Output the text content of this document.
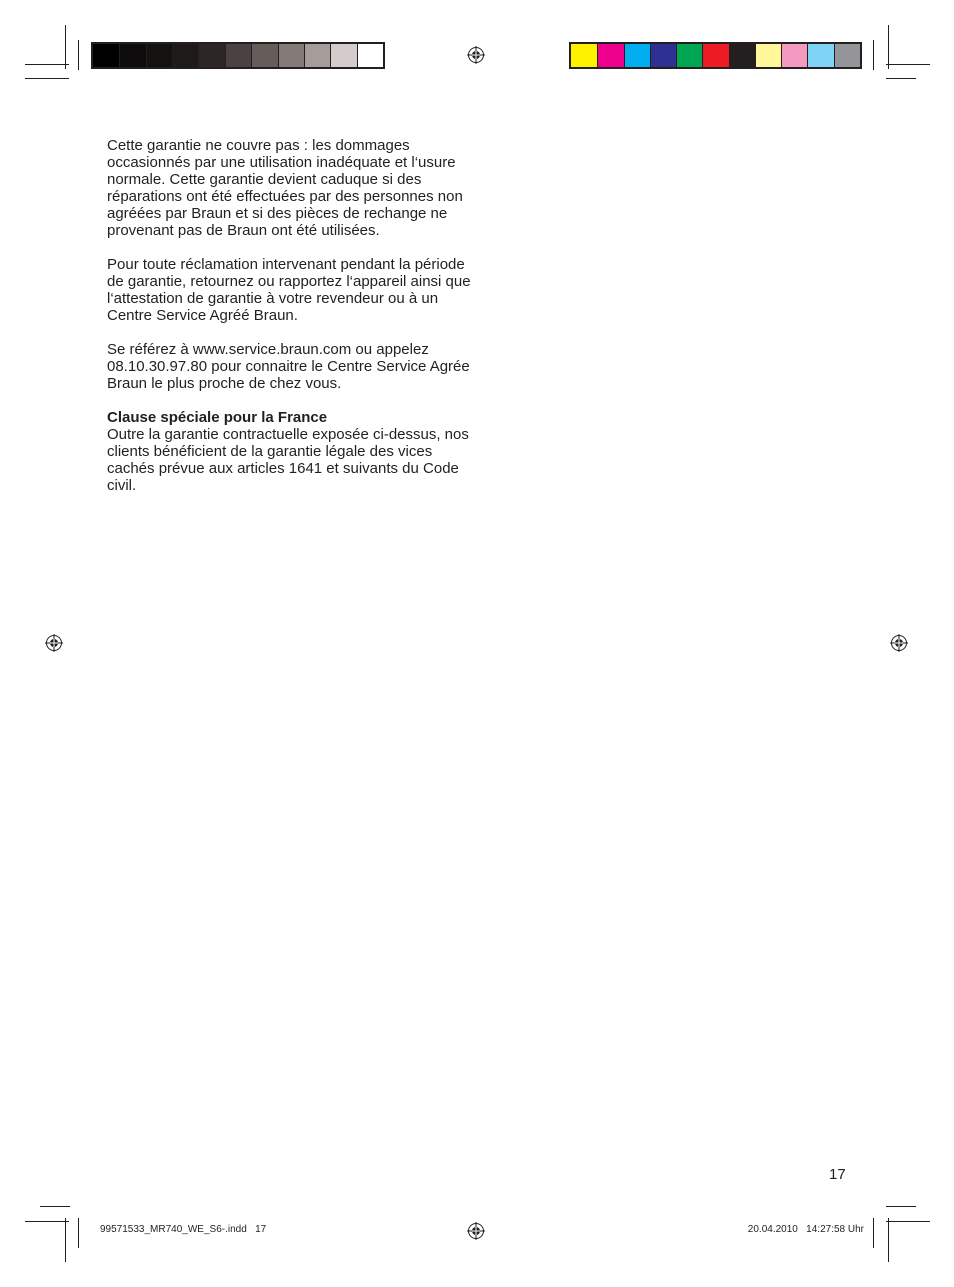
Cette garantie ne couvre pas : les dommages occasionnés par une utilisation inadéquate et l‘usure normale. Cette garantie devient caduque si des réparations ont été effectuées par des personnes non agréées par Braun et si des pièces de rechange ne provenant pas de Braun ont été utilisées.

Pour toute réclamation intervenant pendant la période de garantie, retournez ou rapportez l‘appareil ainsi que l‘attestation de garantie à votre revendeur ou à un Centre Service Agréé Braun.

Se référez à www.service.braun.com ou appelez 08.10.30.97.80 pour connaitre le Centre Service Agrée Braun le plus proche de chez vous.

Clause spéciale pour la France
Outre la garantie contractuelle exposée ci-dessus, nos clients bénéficient de la garantie légale des vices cachés prévue aux articles 1641 et suivants du Code civil.

17
99571533_MR740_WE_S6-.indd   17	20.04.2010   14:27:58 Uhr
